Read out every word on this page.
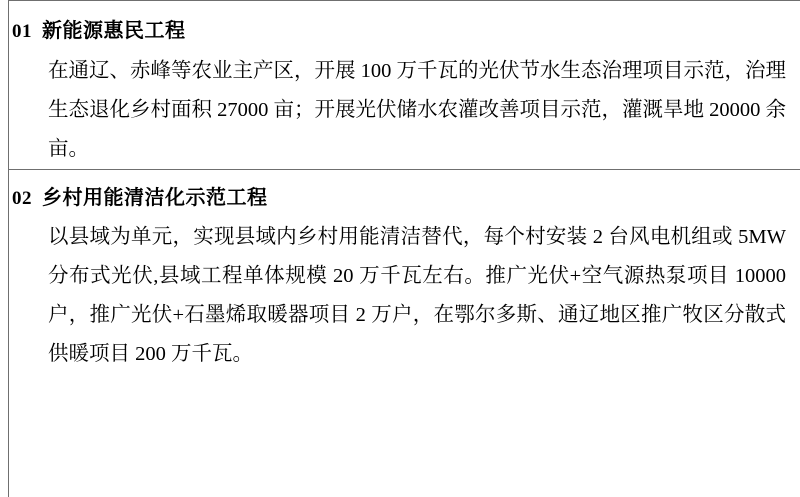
01 新能源惠民工程
在通辽、赤峰等农业主产区，开展 100 万千瓦的光伏节水生态治理项目示范，治理生态退化乡村面积 27000 亩；开展光伏储水农灌改善项目示范，灌溉旱地 20000 余亩。
02 乡村用能清洁化示范工程
以县域为单元，实现县域内乡村用能清洁替代，每个村安装 2 台风电机组或 5MW 分布式光伏,县域工程单体规模 20 万千瓦左右。推广光伏+空气源热泵项目 10000 户，推广光伏+石墨烯取暖器项目 2 万户，在鄂尔多斯、通辽地区推广牧区分散式供暖项目 200 万千瓦。
